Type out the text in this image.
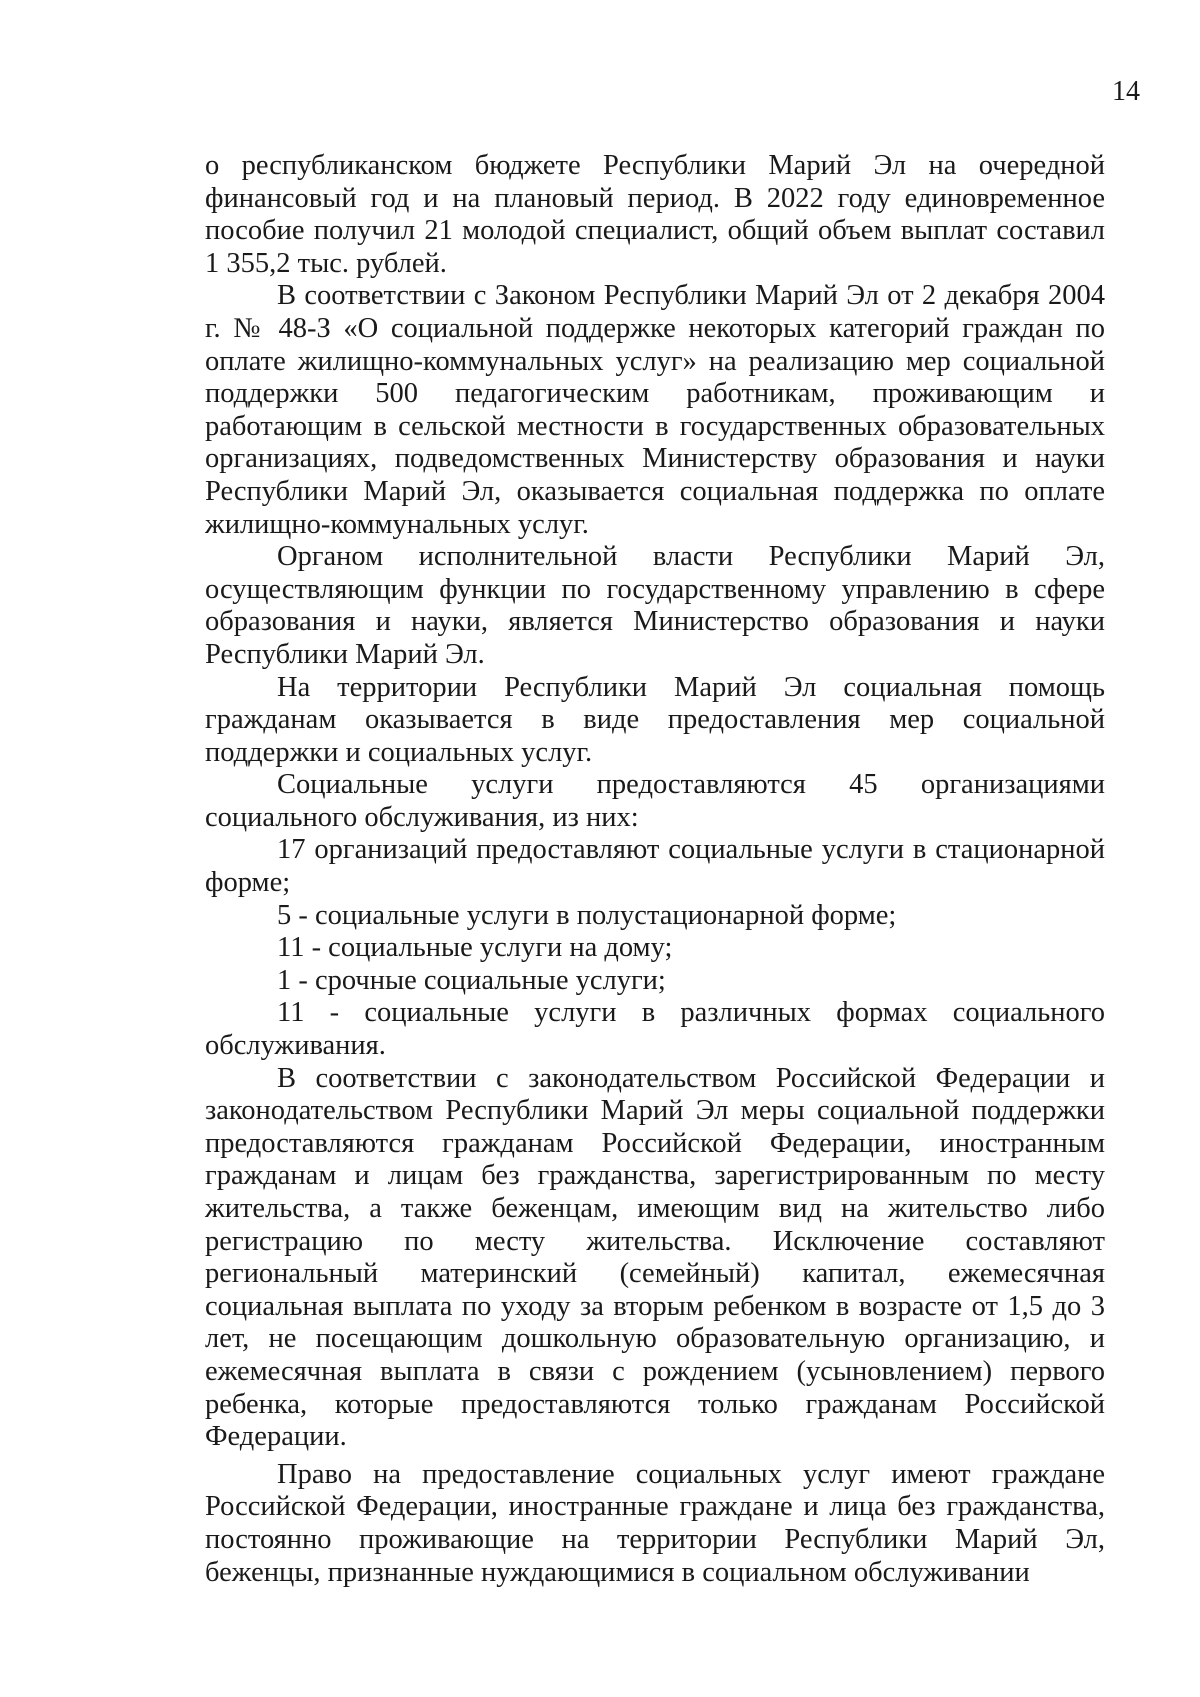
14

о республиканском бюджете Республики Марий Эл на очередной финансовый год и на плановый период. В 2022 году единовременное пособие получил 21 молодой специалист, общий объем выплат составил 1 355,2 тыс. рублей.

В соответствии с Законом Республики Марий Эл от 2 декабря 2004 г. № 48-З «О социальной поддержке некоторых категорий граждан по оплате жилищно-коммунальных услуг» на реализацию мер социальной поддержки 500 педагогическим работникам, проживающим и работающим в сельской местности в государственных образовательных организациях, подведомственных Министерству образования и науки Республики Марий Эл, оказывается социальная поддержка по оплате жилищно-коммунальных услуг.

Органом исполнительной власти Республики Марий Эл, осуществляющим функции по государственному управлению в сфере образования и науки, является Министерство образования и науки Республики Марий Эл.

На территории Республики Марий Эл социальная помощь гражданам оказывается в виде предоставления мер социальной поддержки и социальных услуг.

Социальные услуги предоставляются 45 организациями социального обслуживания, из них:

17 организаций предоставляют социальные услуги в стационарной форме;

5 - социальные услуги в полустационарной форме;

11 - социальные услуги на дому;

1 - срочные социальные услуги;

11 - социальные услуги в различных формах социального обслуживания.

В соответствии с законодательством Российской Федерации и законодательством Республики Марий Эл меры социальной поддержки предоставляются гражданам Российской Федерации, иностранным гражданам и лицам без гражданства, зарегистрированным по месту жительства, а также беженцам, имеющим вид на жительство либо регистрацию по месту жительства. Исключение составляют региональный материнский (семейный) капитал, ежемесячная социальная выплата по уходу за вторым ребенком в возрасте от 1,5 до 3 лет, не посещающим дошкольную образовательную организацию, и ежемесячная выплата в связи с рождением (усыновлением) первого ребенка, которые предоставляются только гражданам Российской Федерации.

Право на предоставление социальных услуг имеют граждане Российской Федерации, иностранные граждане и лица без гражданства, постоянно проживающие на территории Республики Марий Эл, беженцы, признанные нуждающимися в социальном обслуживании
